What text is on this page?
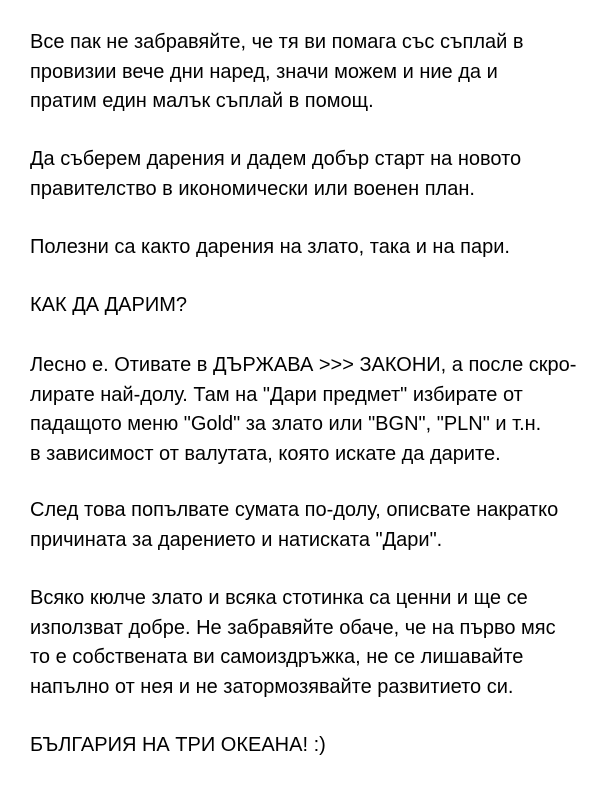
Все пак не забравяйте, че тя ви помага със съплай в
провизии вече дни наред, значи можем и ние да и
пратим един малък съплай в помощ.
Да съберем дарения и дадем добър старт на новото
правителство в икономически или военен план.
Полезни са както дарения на злато, така и на пари.
КАК ДА ДАРИМ?
Лесно е. Отивате в ДЪРЖАВА >>> ЗАКОНИ, а после скро-
лирате най-долу. Там на "Дари предмет" избирате от
падащото меню "Gold" за злато или "BGN", "PLN" и т.н.
в зависимост от валутата, която искате да дарите.
След това попълвате сумата по-долу, описвате накратко
причината за дарението и натиската "Дари".
Всяко кюлче злато и всяка стотинка са ценни и ще се
използват добре. Не забравяйте обаче, че на първо мяс
то е собствената ви самоиздръжка, не се лишавайте
напълно от нея и не затормозявайте развитието си.
БЪЛГАРИЯ НА ТРИ ОКЕАНА! :)
